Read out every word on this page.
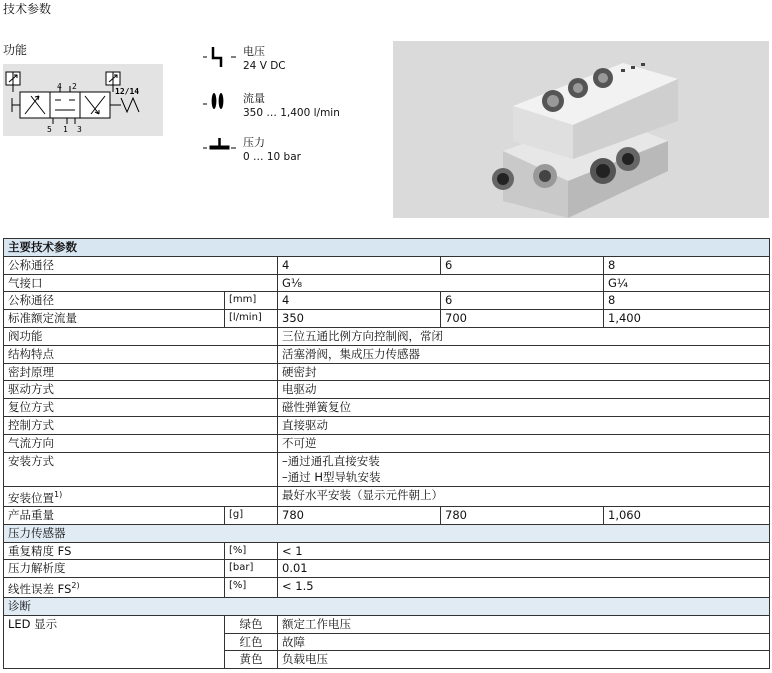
技术参数
功能
4 2
5 1 3
12/14
电压
24 V DC
流量
350 … 1,400 l/min
压力
0 … 10 bar
主要技术参数				
公称通径		4	6	8
气接口		G⅛		G¼
公称通径	[mm]	4	6	8
标准额定流量	[l/min]	350	700	1,400
阀功能		三位五通比例方向控制阀，常闭		
结构特点		活塞滑阀，集成压力传感器		
密封原理		硬密封		
驱动方式		电驱动		
复位方式		磁性弹簧复位		
控制方式		直接驱动		
气流方向		不可逆		
安装方式		–通过通孔直接安装		
		–通过 H型导轨安装		
安装位置$^{1)}$		最好水平安装（显示元件朝上）		
产品重量	[g]	780	780	1,060
压力传感器				
重复精度 FS	[%]	< 1		
压力解析度	[bar]	0.01		
线性误差 FS$^{2)}$	[%]	< 1.5		
诊断				
LED 显示	绿色	额定工作电压		
	红色	故障		
	黄色	负载电压		
